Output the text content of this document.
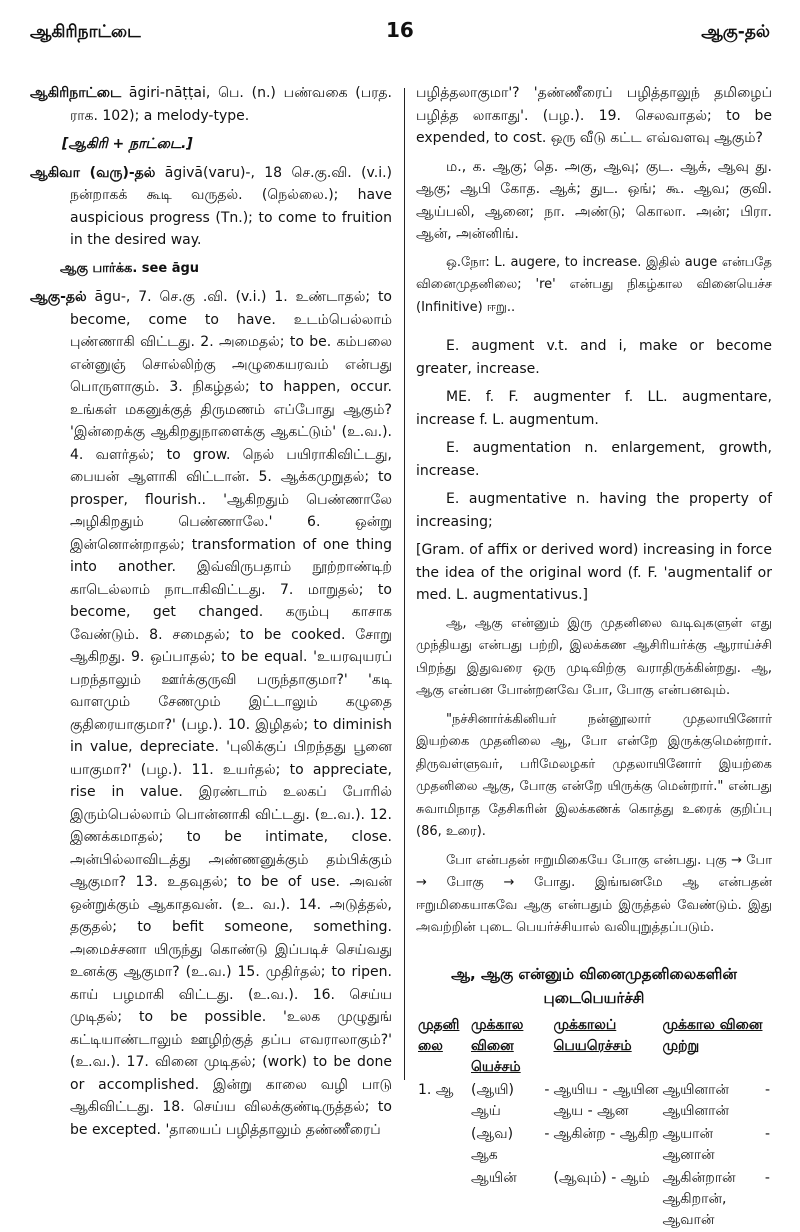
ஆகிரிநாட்டை	16	ஆகு-தல்

ஆகிரிநாட்டை āgiri-nāṭṭai, பெ. (n.) பண்வகை (பரத. ராக. 102); a melody-type.

[ஆகிரி + நாட்டை.]

ஆகிவா (வரு)-தல் āgivā(varu)-, 18 செ.கு.வி. (v.i.) நன்றாகக் கூடி வருதல். (நெல்லை.); have auspicious progress (Tn.); to come to fruition in the desired way.

ஆகு பார்க்க. see āgu

ஆகு-தல் āgu-, 7. செ.கு .வி. (v.i.) 1. உண்டாதல்; to become, come to have. உடம்பெல்லாம் புண்ணாகி விட்டது. 2. அமைதல்; to be. கம்பலை என்னுஞ் சொல்லிற்கு அழுகையரவம் என்பது பொருளாகும். 3. நிகழ்தல்; to happen, occur. உங்கள் மகனுக்குத் திருமணம் எப்போது ஆகும்? 'இன்றைக்கு ஆகிறதுநாளைக்கு ஆகட்டும்' (உ.வ.). 4. வளர்தல்; to grow. நெல் பயிராகிவிட்டது, பையன் ஆளாகி விட்டான். 5. ஆக்கமுறுதல்; to prosper, flourish.. 'ஆகிறதும் பெண்ணாலே அழிகிறதும் பெண்ணாலே.' 6. ஒன்று இன்னொன்றாதல்; transformation of one thing into another. இவ்விருபதாம் நூற்றாண்டிற் காடெல்லாம் நாடாகிவிட்டது. 7. மாறுதல்; to become, get changed. கரும்பு காசாக வேண்டும். 8. சமைதல்; to be cooked. சோறு ஆகிறது. 9. ஒப்பாதல்; to be equal. 'உயரவுயரப் பறந்தாலும் ஊர்க்குருவி பருந்தாகுமா?' 'கடி வாளமும் சேணமும் இட்டாலும் கழுதை குதிரையாகுமா?' (பழ.). 10. இழிதல்; to diminish in value, depreciate. 'புலிக்குப் பிறந்தது பூனை யாகுமா?' (பழ.). 11. உயர்தல்; to appreciate, rise in value. இரண்டாம் உலகப் போரில் இரும்பெல்லாம் பொன்னாகி விட்டது. (உ.வ.). 12. இணக்கமாதல்; to be intimate, close. அன்பில்லாவிடத்து அண்ணனுக்கும் தம்பிக்கும் ஆகுமா? 13. உதவுதல்; to be of use. அவன் ஒன்றுக்கும் ஆகாதவன். (உ. வ.). 14. அடுத்தல், தகுதல்; to befit someone, something. அமைச்சனா யிருந்து கொண்டு இப்படிச் செய்வது உனக்கு ஆகுமா? (உ.வ.) 15. முதிர்தல்; to ripen. காய் பழமாகி விட்டது. (உ.வ.). 16. செய்ய முடிதல்; to be possible. 'உலக முழுதுங் கட்டியாண்டாலும் ஊழிற்குத் தப்ப எவராலாகும்?' (உ.வ.). 17. வினை முடிதல்; (work) to be done or accomplished. இன்று காலை வழி பாடு ஆகிவிட்டது. 18. செய்ய விலக்குண்டிருத்தல்; to be excepted. 'தாயைப் பழித்தாலும் தண்ணீரைப்

பழித்தலாகுமா'? 'தண்ணீரைப் பழித்தாலுந் தமிழைப் பழித்த லாகாது'. (பழ.). 19. செலவாதல்; to be expended, to cost. ஒரு வீடு கட்ட எவ்வளவு ஆகும்?

ம., க. ஆகு; தெ. அகு, ஆவு; குட. ஆக், ஆவு து. ஆகு; ஆபி கோத. ஆக்; துட. ஒங்; கூ. ஆவ; குவி. ஆய்பலி, ஆனை; நா. அண்டு; கொலா. அன்; பிரா. ஆன், அன்னிங்.

ஒ.நோ: L. augere, to increase. இதில் auge என்பதே வினைமுதனிலை; 're' என்பது நிகழ்கால வினையெச்ச (Infinitive) ஈறு..

E. augment v.t. and i, make or become greater, increase.

ME. f. F. augmenter f. LL. augmentare, increase f. L. augmentum.

E. augmentation n. enlargement, growth, increase.

E. augmentative n. having the property of increasing;

[Gram. of affix or derived word) increasing in force the idea of the original word (f. F. 'augmentalif or med. L. augmentativus.]

ஆ, ஆகு என்னும் இரு முதனிலை வடிவுகளுள் எது முந்தியது என்பது பற்றி, இலக்கண ஆசிரியர்க்கு ஆராய்ச்சி பிறந்து இதுவரை ஒரு முடிவிற்கு வராதிருக்கின்றது. ஆ, ஆகு என்பன போன்றனவே போ, போகு என்பனவும்.

"நச்சினார்க்கினியர் நன்னூலார் முதலாயினோர் இயற்கை முதனிலை ஆ, போ என்றே இருக்குமென்றார். திருவள்ளுவர், பரிமேலழகர் முதலாயினோர் இயற்கை முதனிலை ஆகு, போகு என்றே யிருக்கு மென்றார்." என்பது சுவாமிநாத தேசிகரின் இலக்கணக் கொத்து உரைக் குறிப்பு (86, உரை).

போ என்பதன் ஈறுமிகையே போகு என்பது. புகு → போ → போகு → போது. இங்ஙனமே ஆ என்பதன் ஈறுமிகையாகவே ஆகு என்பதும் இருத்தல் வேண்டும். இது அவற்றின் புடை பெயர்ச்சியால் வலியுறுத்தப்படும்.

ஆ, ஆகு என்னும் வினைமுதனிலைகளின்
புடைபெயர்ச்சி
முதனி லை	முக்கால வினை யெச்சம்	முக்காலப் பெயரெச்சம்	முக்கால வினை முற்று
1. ஆ	(ஆயி) - ஆய்	ஆயிய - ஆயின ஆய - ஆன	ஆயினான் - ஆயினான்
	(ஆவ) - ஆக	ஆகின்ற - ஆகிற	ஆயான் - ஆனான்
	ஆயின்	(ஆவும்) - ஆம்	ஆகின்றான் - ஆகிறான், ஆவான்
